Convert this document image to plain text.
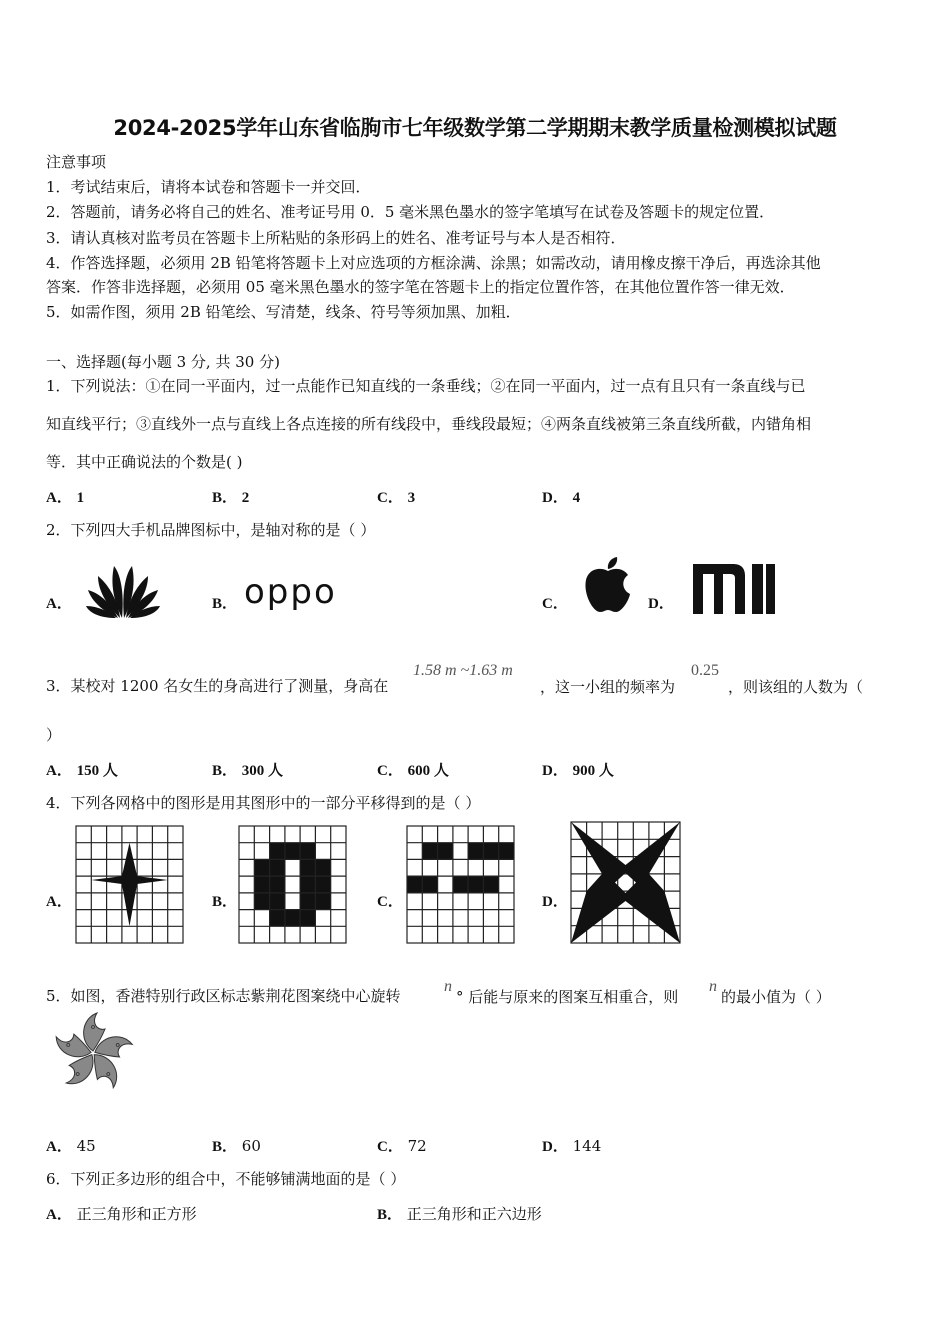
2024-2025学年山东省临朐市七年级数学第二学期期末教学质量检测模拟试题
注意事项
1．考试结束后，请将本试卷和答题卡一并交回．
2．答题前，请务必将自己的姓名、准考证号用 0．5 毫米黑色墨水的签字笔填写在试卷及答题卡的规定位置．
3．请认真核对监考员在答题卡上所粘贴的条形码上的姓名、准考证号与本人是否相符．
4．作答选择题，必须用 2B 铅笔将答题卡上对应选项的方框涂满、涂黑；如需改动，请用橡皮擦干净后，再选涂其他
答案．作答非选择题，必须用 05 毫米黑色墨水的签字笔在答题卡上的指定位置作答，在其他位置作答一律无效．
5．如需作图，须用 2B 铅笔绘、写清楚，线条、符号等须加黑、加粗．
一、选择题(每小题 3 分, 共 30 分)
1．下列说法：①在同一平面内，过一点能作已知直线的一条垂线；②在同一平面内，过一点有且只有一条直线与已
知直线平行；③直线外一点与直线上各点连接的所有线段中，垂线段最短；④两条直线被第三条直线所截，内错角相
等．其中正确说法的个数是( )
A． 1	B． 2	C． 3	D． 4
2．下列四大手机品牌图标中，是轴对称的是（ ）
A．	B．	C．	D．
oppo
3．某校对 1200 名女生的身高进行了测量，身高在
1.58 m ~1.63 m
，这一小组的频率为
0.25
，则该组的人数为（
）
A． 150 人	B． 300 人	C． 600 人	D． 900 人
4．下列各网格中的图形是用其图形中的一部分平移得到的是（ ）
A．	B．	C．	D．
5．如图，香港特别行政区标志紫荆花图案绕中心旋转
n
° 后能与原来的图案互相重合，则
n
的最小值为（ ）
A． 45	B． 60	C． 72	D． 144
6．下列正多边形的组合中，不能够铺满地面的是（ ）
A． 正三角形和正方形	B． 正三角形和正六边形
